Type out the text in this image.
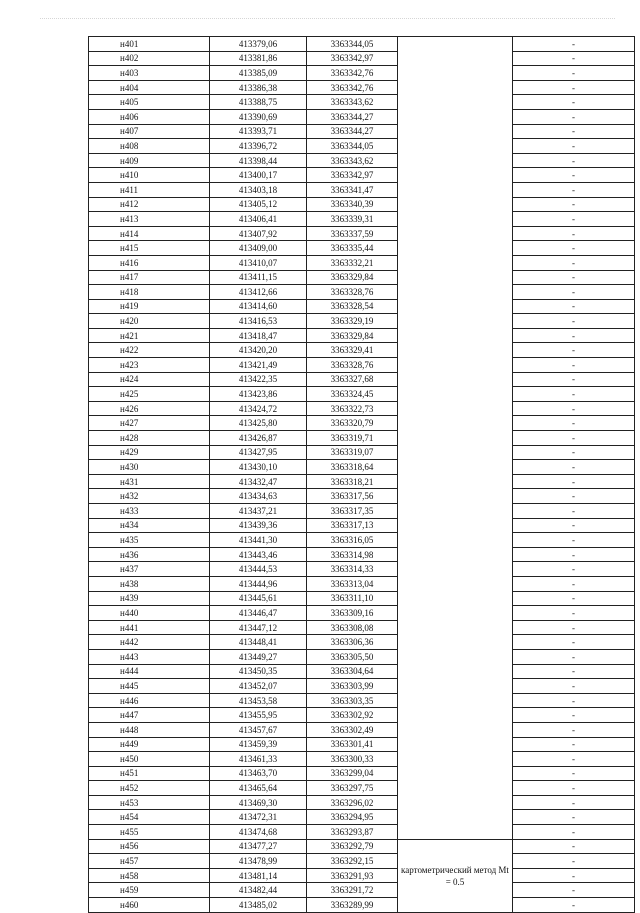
н401	413379,06	3363344,05		-
н402	413381,86	3363342,97		-
н403	413385,09	3363342,76		-
н404	413386,38	3363342,76		-
н405	413388,75	3363343,62		-
н406	413390,69	3363344,27		-
н407	413393,71	3363344,27		-
н408	413396,72	3363344,05		-
н409	413398,44	3363343,62		-
н410	413400,17	3363342,97		-
н411	413403,18	3363341,47		-
н412	413405,12	3363340,39		-
н413	413406,41	3363339,31		-
н414	413407,92	3363337,59		-
н415	413409,00	3363335,44		-
н416	413410,07	3363332,21		-
н417	413411,15	3363329,84		-
н418	413412,66	3363328,76		-
н419	413414,60	3363328,54		-
н420	413416,53	3363329,19		-
н421	413418,47	3363329,84		-
н422	413420,20	3363329,41		-
н423	413421,49	3363328,76		-
н424	413422,35	3363327,68		-
н425	413423,86	3363324,45		-
н426	413424,72	3363322,73		-
н427	413425,80	3363320,79		-
н428	413426,87	3363319,71		-
н429	413427,95	3363319,07		-
н430	413430,10	3363318,64		-
н431	413432,47	3363318,21		-
н432	413434,63	3363317,56		-
н433	413437,21	3363317,35		-
н434	413439,36	3363317,13		-
н435	413441,30	3363316,05		-
н436	413443,46	3363314,98		-
н437	413444,53	3363314,33		-
н438	413444,96	3363313,04		-
н439	413445,61	3363311,10		-
н440	413446,47	3363309,16		-
н441	413447,12	3363308,08		-
н442	413448,41	3363306,36		-
н443	413449,27	3363305,50		-
н444	413450,35	3363304,64		-
н445	413452,07	3363303,99		-
н446	413453,58	3363303,35		-
н447	413455,95	3363302,92		-
н448	413457,67	3363302,49		-
н449	413459,39	3363301,41		-
н450	413461,33	3363300,33		-
н451	413463,70	3363299,04		-
н452	413465,64	3363297,75		-
н453	413469,30	3363296,02		-
н454	413472,31	3363294,95		-
н455	413474,68	3363293,87		-
н456	413477,27	3363292,79	картометрический метод Mt = 0.5	-
н457	413478,99	3363292,15		-
н458	413481,14	3363291,93		-
н459	413482,44	3363291,72		-
н460	413485,02	3363289,99		-
